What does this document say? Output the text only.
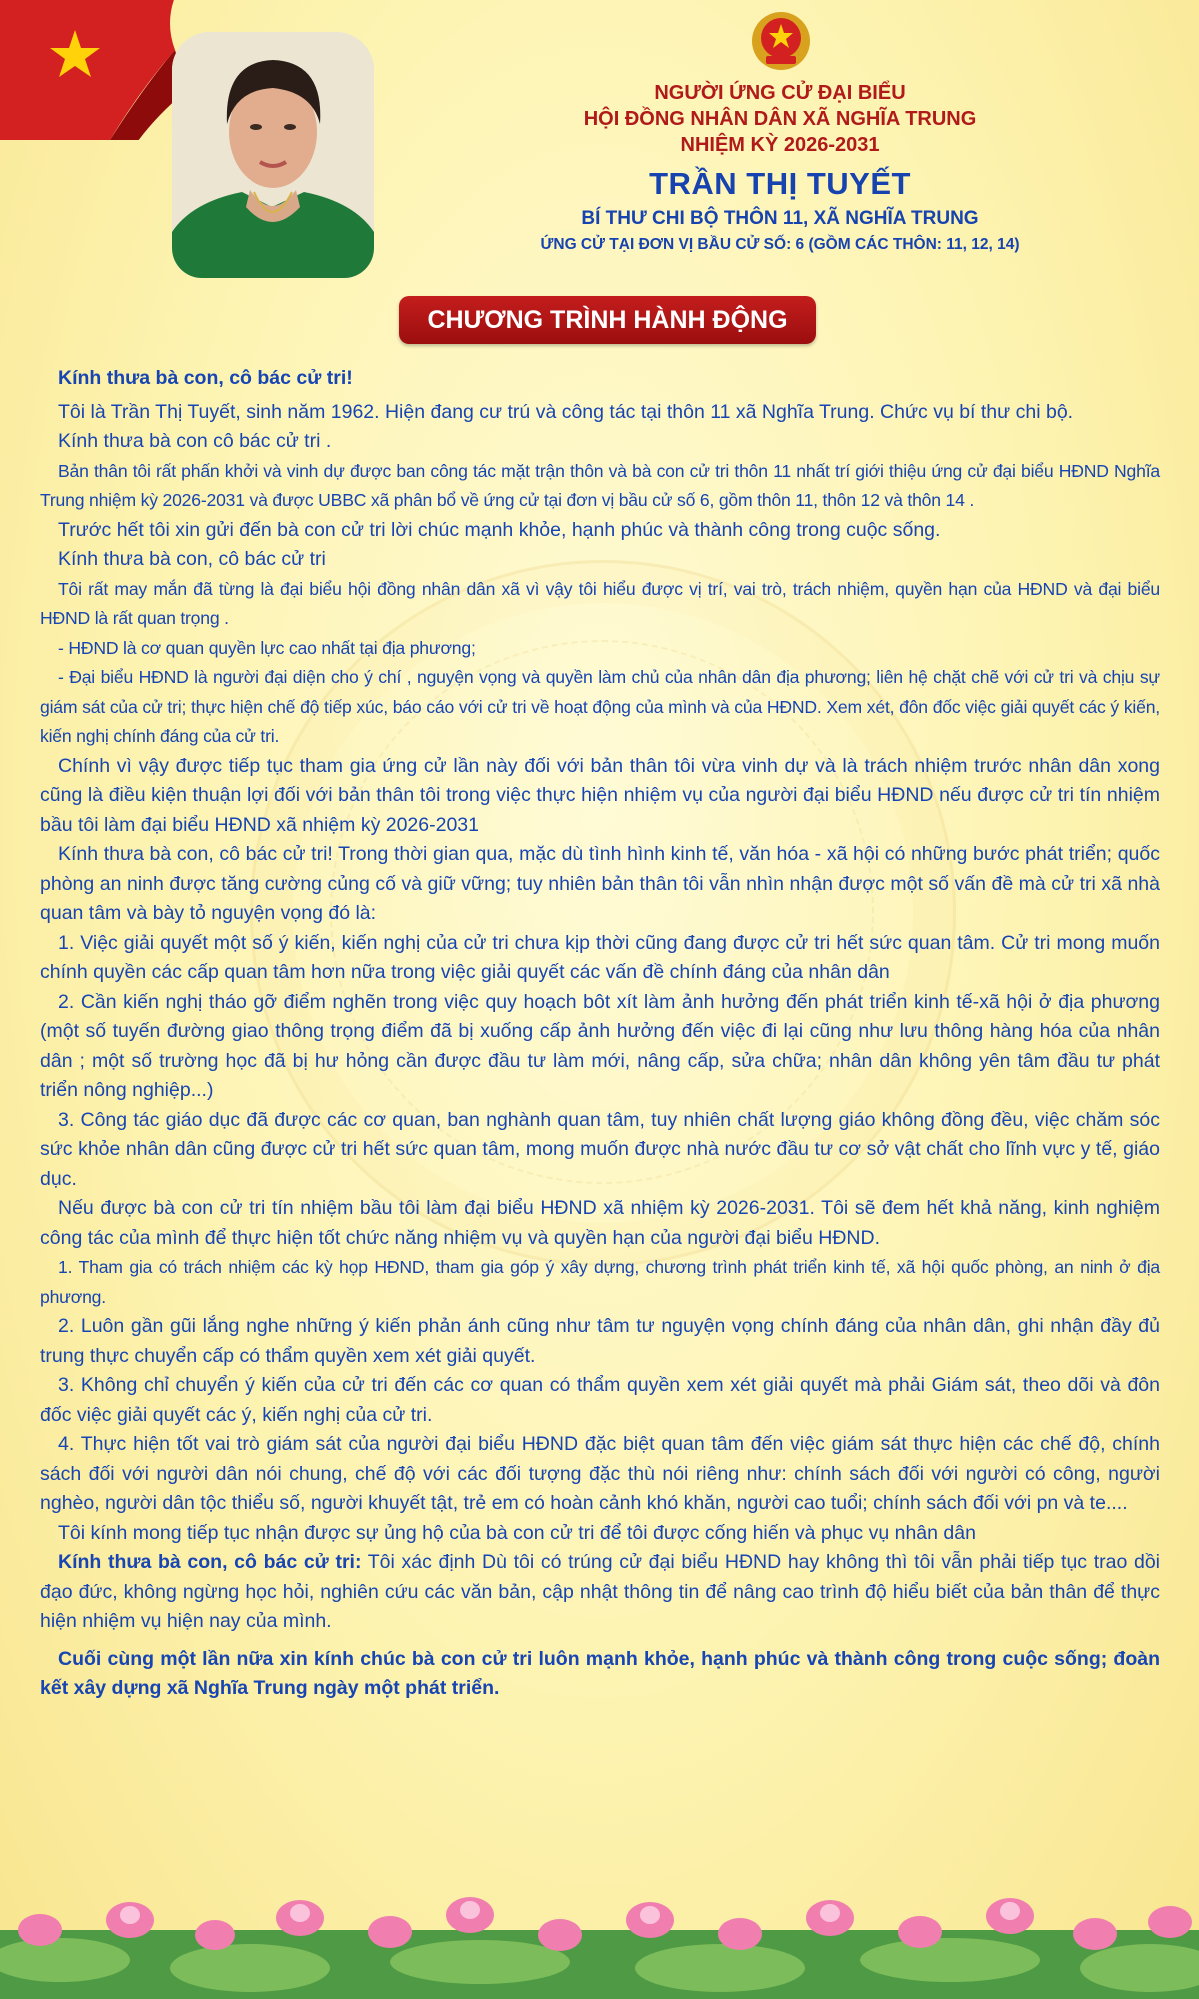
NGƯỜI ỨNG CỬ ĐẠI BIỂU
HỘI ĐỒNG NHÂN DÂN XÃ NGHĨA TRUNG
NHIỆM KỲ 2026-2031
TRẦN THỊ TUYẾT
BÍ THƯ CHI BỘ THÔN 11, XÃ NGHĨA TRUNG
ỨNG CỬ TẠI ĐƠN VỊ BẦU CỬ SỐ: 6 (GỒM CÁC THÔN: 11, 12, 14)
CHƯƠNG TRÌNH HÀNH ĐỘNG

Kính thưa bà con, cô bác cử tri!

Tôi là Trần Thị Tuyết, sinh năm 1962. Hiện đang cư trú và công tác tại thôn 11 xã Nghĩa Trung. Chức vụ bí thư chi bộ.

Kính thưa bà con cô bác cử tri .

Bản thân tôi rất phấn khởi và vinh dự được ban công tác mặt trận thôn và bà con cử tri thôn 11 nhất trí giới thiệu ứng cử đại biểu HĐND Nghĩa Trung nhiệm kỳ 2026-2031 và được UBBC xã phân bổ về ứng cử tại đơn vị bầu cử số 6, gồm thôn 11, thôn 12 và thôn 14 .

Trước hết tôi xin gửi đến bà con cử tri lời chúc mạnh khỏe, hạnh phúc và thành công trong cuộc sống.

Kính thưa bà con, cô bác cử tri

Tôi rất may mắn đã từng là đại biểu hội đồng nhân dân xã vì vậy tôi hiểu được vị trí, vai trò, trách nhiệm, quyền hạn của HĐND và đại biểu HĐND là rất quan trọng .

- HĐND là cơ quan quyền lực cao nhất tại địa phương;

- Đại biểu HĐND là người đại diện cho ý chí , nguyện vọng và quyền làm chủ của nhân dân địa phương; liên hệ chặt chẽ với cử tri và chịu sự giám sát của cử tri; thực hiện chế độ tiếp xúc, báo cáo với cử tri về hoạt động của mình và của HĐND. Xem xét, đôn đốc việc giải quyết các ý kiến, kiến nghị chính đáng của cử tri.

Chính vì vậy được tiếp tục tham gia ứng cử lần này đối với bản thân tôi vừa vinh dự và là trách nhiệm trước nhân dân xong cũng là điều kiện thuận lợi đối với bản thân tôi trong việc thực hiện nhiệm vụ của người đại biểu HĐND nếu được cử tri tín nhiệm bầu tôi làm đại biểu HĐND xã nhiệm kỳ 2026-2031

Kính thưa bà con, cô bác cử tri! Trong thời gian qua, mặc dù tình hình kinh tế, văn hóa - xã hội có những bước phát triển; quốc phòng an ninh được tăng cường củng cố và giữ vững; tuy nhiên bản thân tôi vẫn nhìn nhận được một số vấn đề mà cử tri xã nhà quan tâm và bày tỏ nguyện vọng đó là:

1. Việc giải quyết một số ý kiến, kiến nghị của cử tri chưa kịp thời cũng đang được cử tri hết sức quan tâm. Cử tri mong muốn chính quyền các cấp quan tâm hơn nữa trong việc giải quyết các vấn đề chính đáng của nhân dân

2. Cần kiến nghị tháo gỡ điểm nghẽn trong việc quy hoạch bôt xít làm ảnh hưởng đến phát triển kinh tế-xã hội ở địa phương (một số tuyến đường giao thông trọng điểm đã bị xuống cấp ảnh hưởng đến việc đi lại cũng như lưu thông hàng hóa của nhân dân ; một số trường học đã bị hư hỏng cần được đầu tư làm mới, nâng cấp, sửa chữa; nhân dân không yên tâm đầu tư phát triển nông nghiệp...)

3. Công tác giáo dục đã được các cơ quan, ban nghành quan tâm, tuy nhiên chất lượng giáo không đồng đều, việc chăm sóc sức khỏe nhân dân cũng được cử tri hết sức quan tâm, mong muốn được nhà nước đầu tư cơ sở vật chất cho lĩnh vực y tế, giáo dục.

Nếu được bà con cử tri tín nhiệm bầu tôi làm đại biểu HĐND xã nhiệm kỳ 2026-2031. Tôi sẽ đem hết khả năng, kinh nghiệm công tác của mình để thực hiện tốt chức năng nhiệm vụ và quyền hạn của người đại biểu HĐND.

1. Tham gia có trách nhiệm các kỳ họp HĐND, tham gia góp ý xây dựng, chương trình phát triển kinh tế, xã hội quốc phòng, an ninh ở địa phương.

2. Luôn gần gũi lắng nghe những ý kiến phản ánh cũng như tâm tư nguyện vọng chính đáng của nhân dân, ghi nhận đầy đủ trung thực chuyển cấp có thẩm quyền xem xét giải quyết.

3. Không chỉ chuyển ý kiến của cử tri đến các cơ quan có thẩm quyền xem xét giải quyết mà phải Giám sát, theo dõi và đôn đốc việc giải quyết các ý, kiến nghị của cử tri.

4. Thực hiện tốt vai trò giám sát của người đại biểu HĐND đặc biệt quan tâm đến việc giám sát thực hiện các chế độ, chính sách đối với người dân nói chung, chế độ với các đối tượng đặc thù nói riêng như: chính sách đối với người có công, người nghèo, người dân tộc thiểu số, người khuyết tật, trẻ em có hoàn cảnh khó khăn, người cao tuổi; chính sách đối với pn và te....

Tôi kính mong tiếp tục nhận được sự ủng hộ của bà con cử tri để tôi được cống hiến và phục vụ nhân dân

Kính thưa bà con, cô bác cử tri: Tôi xác định Dù tôi có trúng cử đại biểu HĐND hay không thì tôi vẫn phải tiếp tục trao dồi đạo đức, không ngừng học hỏi, nghiên cứu các văn bản, cập nhật thông tin để nâng cao trình độ hiểu biết của bản thân để thực hiện nhiệm vụ hiện nay của mình.

Cuối cùng một lần nữa xin kính chúc bà con cử tri luôn mạnh khỏe, hạnh phúc và thành công trong cuộc sống; đoàn kết xây dựng xã Nghĩa Trung ngày một phát triển.
